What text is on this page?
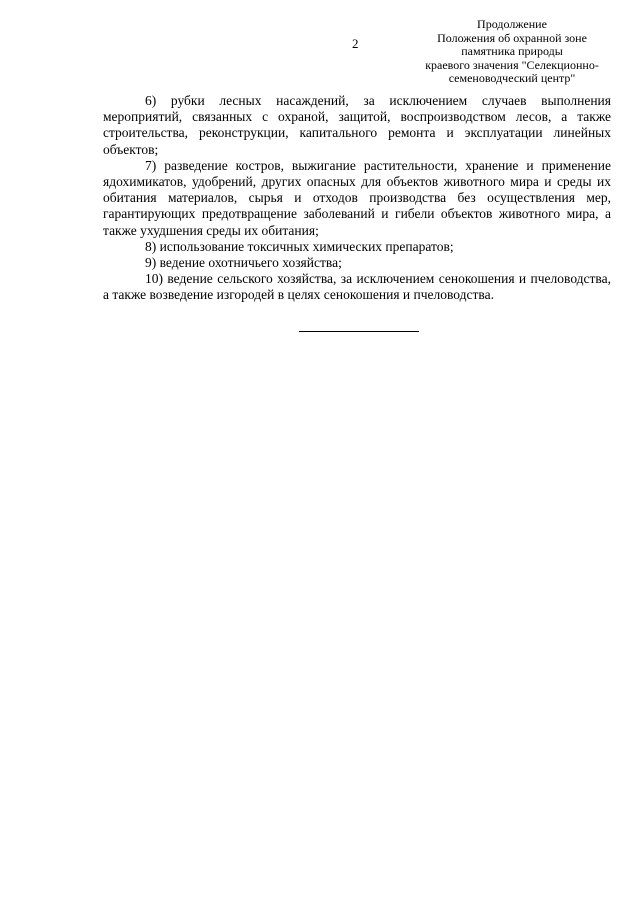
2
Продолжение
Положения об охранной зоне
памятника природы
краевого значения "Селекционно-
семеноводческий центр"

6) рубки лесных насаждений, за исключением случаев выполнения мероприятий, связанных с охраной, защитой, воспроизводством лесов, а также строительства, реконструкции, капитального ремонта и эксплуатации линейных объектов;

7) разведение костров, выжигание растительности, хранение и применение ядохимикатов, удобрений, других опасных для объектов животного мира и среды их обитания материалов, сырья и отходов производства без осуществления мер, гарантирующих предотвращение заболеваний и гибели объектов животного мира, а также ухудшения среды их обитания;

8) использование токсичных химических препаратов;

9) ведение охотничьего хозяйства;

10) ведение сельского хозяйства, за исключением сенокошения и пчеловодства, а также возведение изгородей в целях сенокошения и пчеловодства.
